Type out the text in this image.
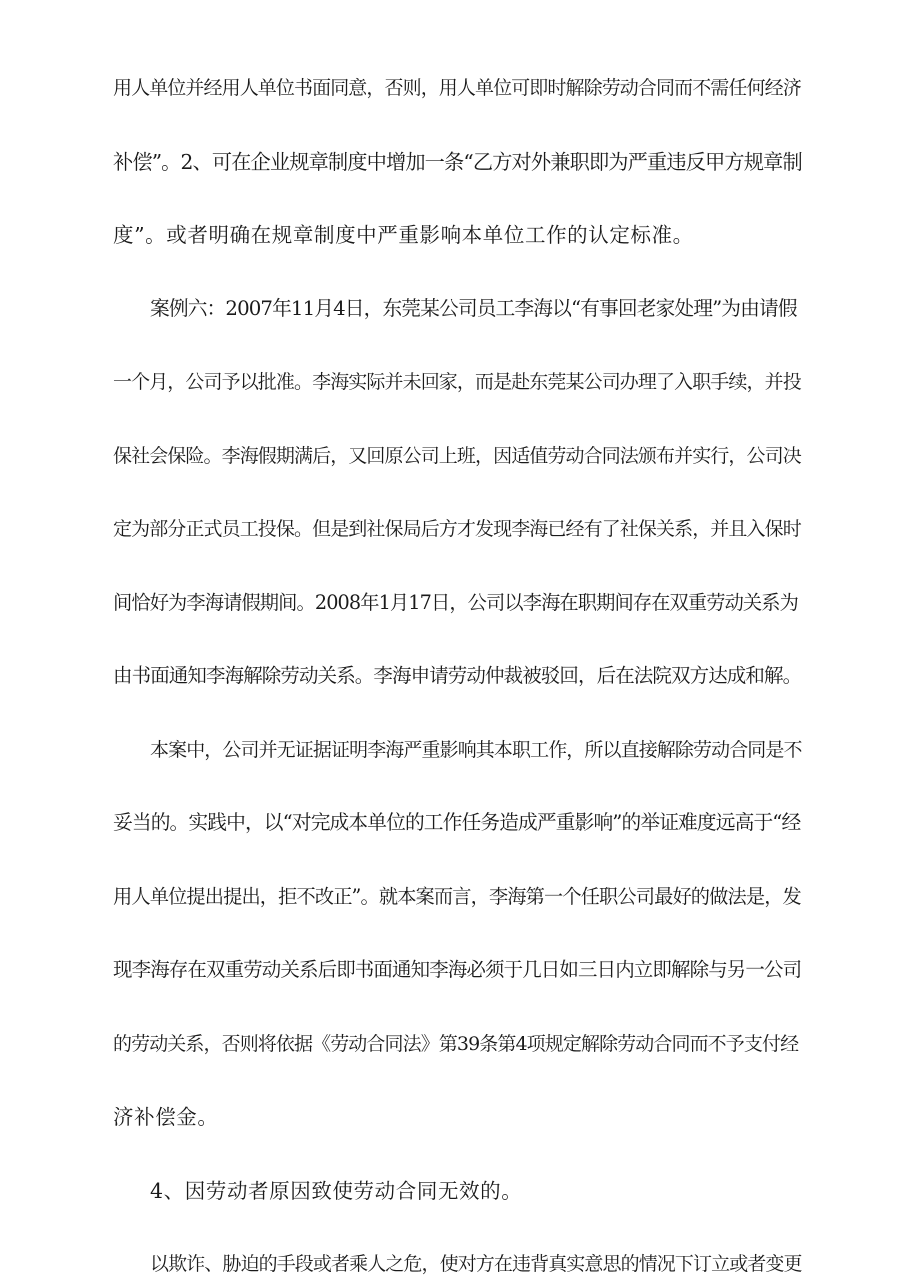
用人单位并经用人单位书面同意，否则，用人单位可即时解除劳动合同而不需任何经济
补偿”。2、可在企业规章制度中增加一条“乙方对外兼职即为严重违反甲方规章制
度”。或者明确在规章制度中严重影响本单位工作的认定标准。
案例六：2007年11月4日，东莞某公司员工李海以“有事回老家处理”为由请假
一个月，公司予以批准。李海实际并未回家，而是赴东莞某公司办理了入职手续，并投
保社会保险。李海假期满后，又回原公司上班，因适值劳动合同法颁布并实行，公司决
定为部分正式员工投保。但是到社保局后方才发现李海已经有了社保关系，并且入保时
间恰好为李海请假期间。2008年1月17日，公司以李海在职期间存在双重劳动关系为
由书面通知李海解除劳动关系。李海申请劳动仲裁被驳回，后在法院双方达成和解。
本案中，公司并无证据证明李海严重影响其本职工作，所以直接解除劳动合同是不
妥当的。实践中，以“对完成本单位的工作任务造成严重影响”的举证难度远高于“经
用人单位提出提出，拒不改正”。就本案而言，李海第一个任职公司最好的做法是，发
现李海存在双重劳动关系后即书面通知李海必须于几日如三日内立即解除与另一公司
的劳动关系，否则将依据《劳动合同法》第39条第4项规定解除劳动合同而不予支付经
济补偿金。
4、因劳动者原因致使劳动合同无效的。
以欺诈、胁迫的手段或者乘人之危，使对方在违背真实意思的情况下订立或者变更
